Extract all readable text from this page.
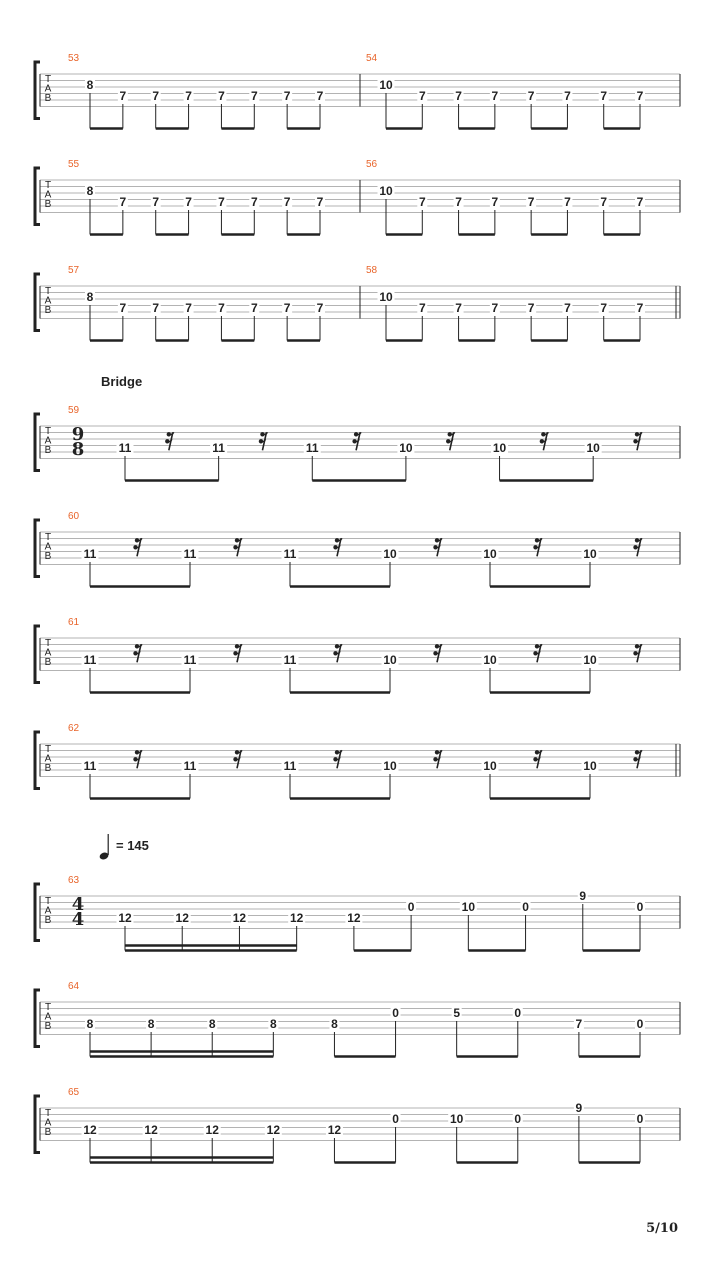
T
A
B
53
8
7 7 7 7 7 7 7
54
10
7 7 7 7 7 7 7
T
A
B
55
8
7 7 7 7 7 7 7
56
10
7 7 7 7 7 7 7
T
A
B
57
8
7 7 7 7 7 7 7
58
10
7 7 7 7 7 7 7
T
A
B
9
8
Bridge
59
11	11	11	10	10	10
T
A
B
60
11	11	11	10	10	10
T
A
B
61
11	11	11	10	10	10
T
A
B
62
11	11	11	10	10	10
T
A
B
4
4
= 145
63
12	12	12	12	12
0	10	0
9
0
T
A
B
64
8	8	8	8	8
0	5	0
7	0
T
A
B
65
12	12	12	12	12
0	10	0
9
0
5/10
